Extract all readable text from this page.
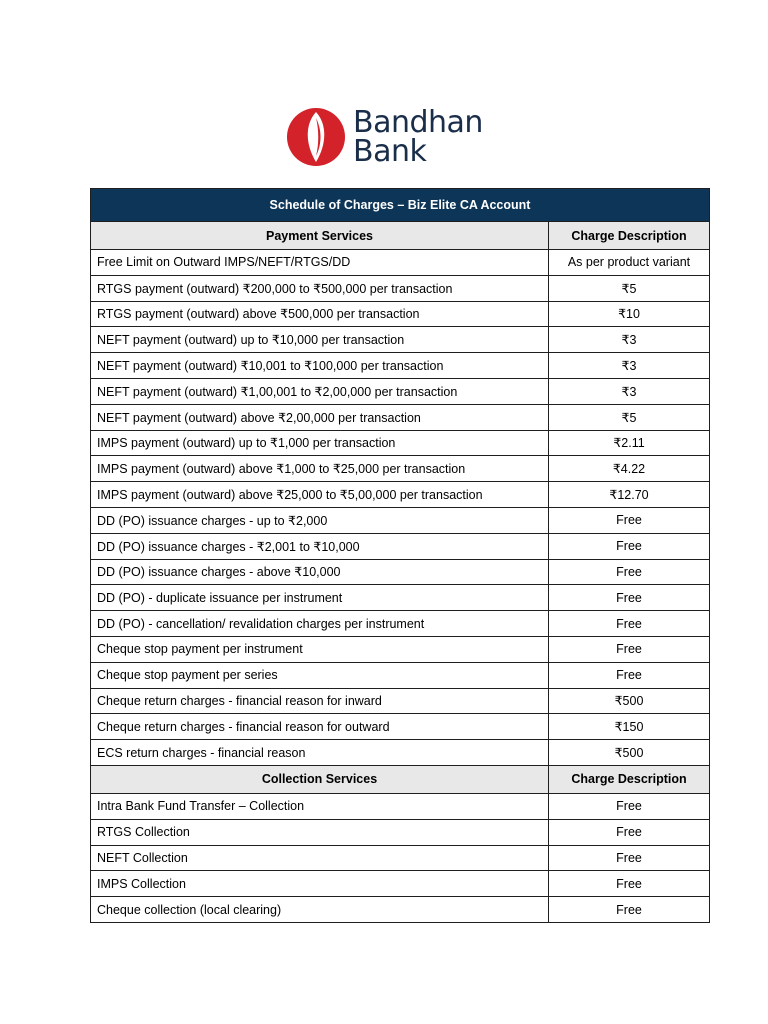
Bandhan
Bank
Schedule of Charges – Biz Elite CA Account	
Payment Services	Charge Description
Free Limit on Outward IMPS/NEFT/RTGS/DD	As per product variant
RTGS payment (outward) ₹200,000 to ₹500,000 per transaction	₹5
RTGS payment (outward) above ₹500,000 per transaction	₹10
NEFT payment (outward) up to ₹10,000 per transaction	₹3
NEFT payment (outward) ₹10,001 to ₹100,000 per transaction	₹3
NEFT payment (outward) ₹1,00,001 to ₹2,00,000 per transaction	₹3
NEFT payment (outward) above ₹2,00,000 per transaction	₹5
IMPS payment (outward) up to ₹1,000 per transaction	₹2.11
IMPS payment (outward) above ₹1,000 to ₹25,000 per transaction	₹4.22
IMPS payment (outward) above ₹25,000 to ₹5,00,000 per transaction	₹12.70
DD (PO) issuance charges - up to ₹2,000	Free
DD (PO) issuance charges - ₹2,001 to ₹10,000	Free
DD (PO) issuance charges - above ₹10,000	Free
DD (PO) - duplicate issuance per instrument	Free
DD (PO) - cancellation/ revalidation charges per instrument	Free
Cheque stop payment per instrument	Free
Cheque stop payment per series	Free
Cheque return charges - financial reason for inward	₹500
Cheque return charges - financial reason for outward	₹150
ECS return charges - financial reason	₹500
Collection Services	Charge Description
Intra Bank Fund Transfer – Collection	Free
RTGS Collection	Free
NEFT Collection	Free
IMPS Collection	Free
Cheque collection (local clearing)	Free
